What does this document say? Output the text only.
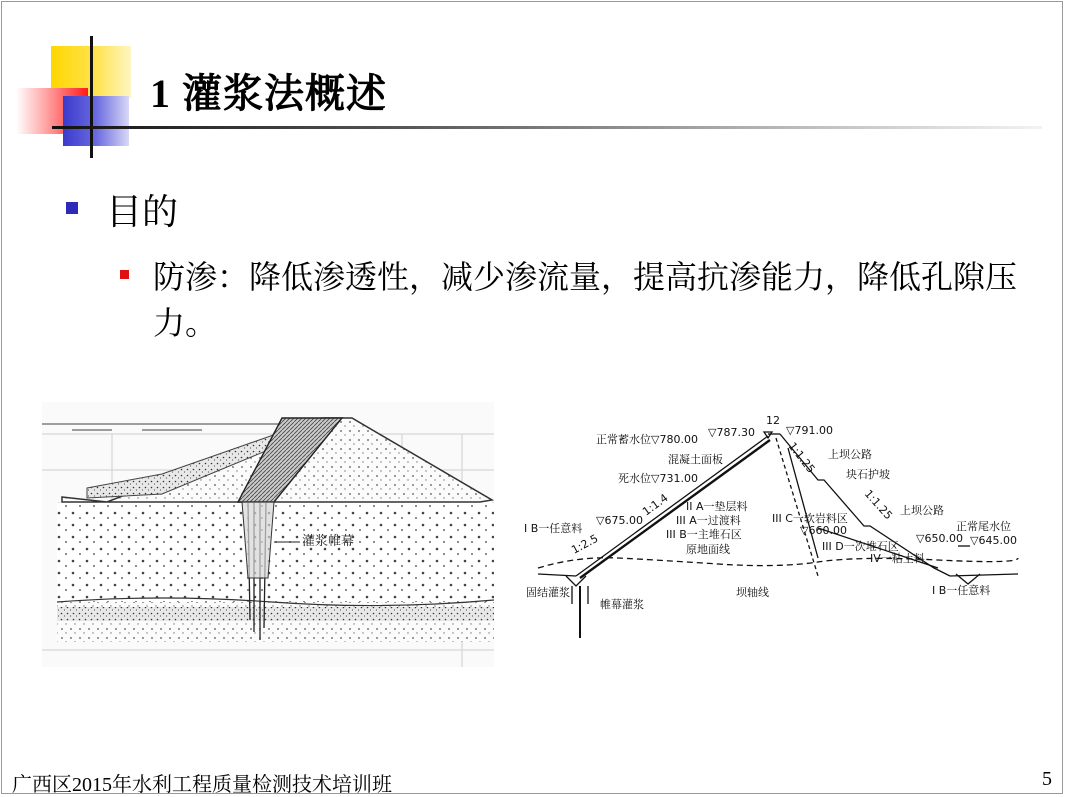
1 灌浆法概述
目的
防渗：降低渗透性，减少渗流量，提高抗渗能力，降低孔隙压力。
灌浆帷幕
12
▽787.30	▽791.00
正常蓄水位▽780.00
混凝土面板
死水位▽731.00
II A一垫层料
III A一过渡料
III B一主堆石区
原地面线
I B一任意料
▽675.00
1:1.4
1:2.5
III C一软岩料区
▽660.00
III D一次堆石区
IV一粘土料
1:1.25
1:1.25
上坝公路
块石护坡
上坝公路
正常尾水位
▽650.00 ▽645.00
固结灌浆
帷幕灌浆
坝轴线	I B一任意料
广西区2015年水利工程质量检测技术培训班	5
